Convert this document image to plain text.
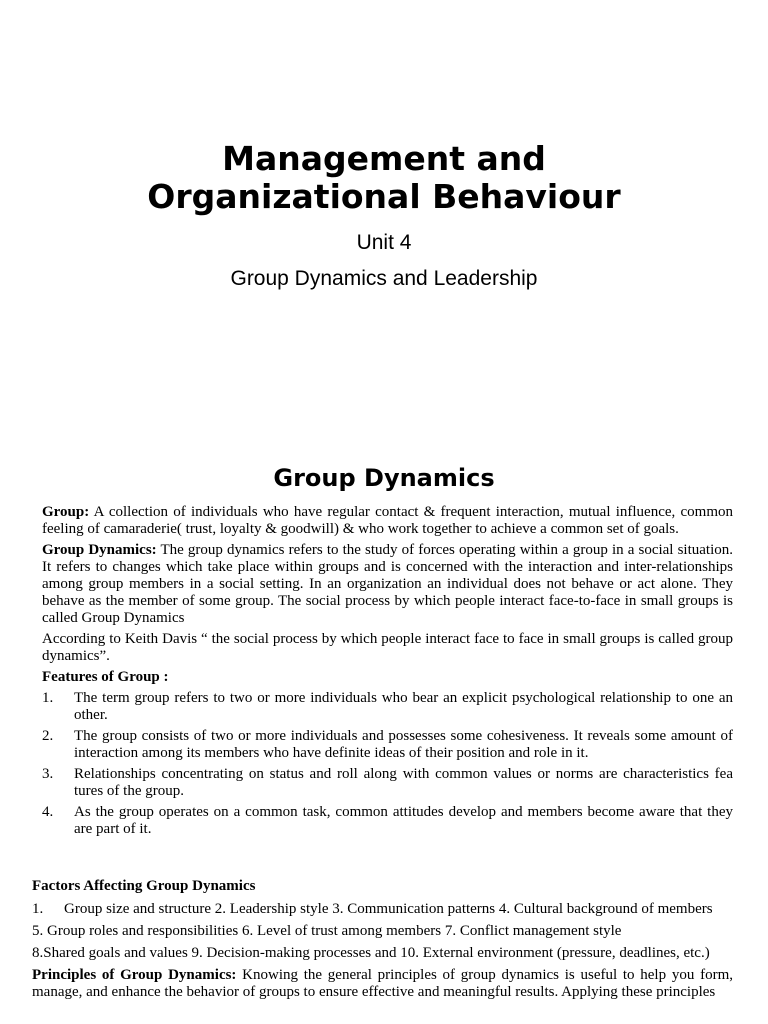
Management and
Organizational Behaviour

Unit 4

Group Dynamics and Leadership

Group Dynamics

Group: A collection of individuals who have regular contact & frequent interaction, mutual influence, common feeling of camaraderie( trust, loyalty & goodwill) & who work together to achieve a common set of goals.

Group Dynamics: The group dynamics refers to the study of forces operating within a group in a social situation. It refers to changes which take place within groups and is concerned with the interaction and inter-relationships among group members in a social setting. In an organization an individual does not behave or act alone. They behave as the member of some group. The social process by which people interact face-to-face in small groups is called Group Dynamics

According to Keith Davis “ the social process by which people interact face to face in small groups is called group dynamics”.

Features of Group :

1. The term group refers to two or more individuals who bear an explicit psychological relationship to one an other.
2. The group consists of two or more individuals and possesses some cohesiveness. It reveals some amount of interaction among its members who have definite ideas of their position and role in it.
3. Relationships concentrating on status and roll along with common values or norms are characteristics fea tures of the group.
4. As the group operates on a common task, common attitudes develop and members become aware that they are part of it.

Factors Affecting Group Dynamics

1. Group size and structure 2. Leadership style 3. Communication patterns 4. Cultural background of members

5. Group roles and responsibilities 6. Level of trust among members 7. Conflict management style

8.Shared goals and values 9. Decision-making processes and 10. External environment (pressure, deadlines, etc.)

Principles of Group Dynamics: Knowing the general principles of group dynamics is useful to help you form, manage, and enhance the behavior of groups to ensure effective and meaningful results. Applying these principles
